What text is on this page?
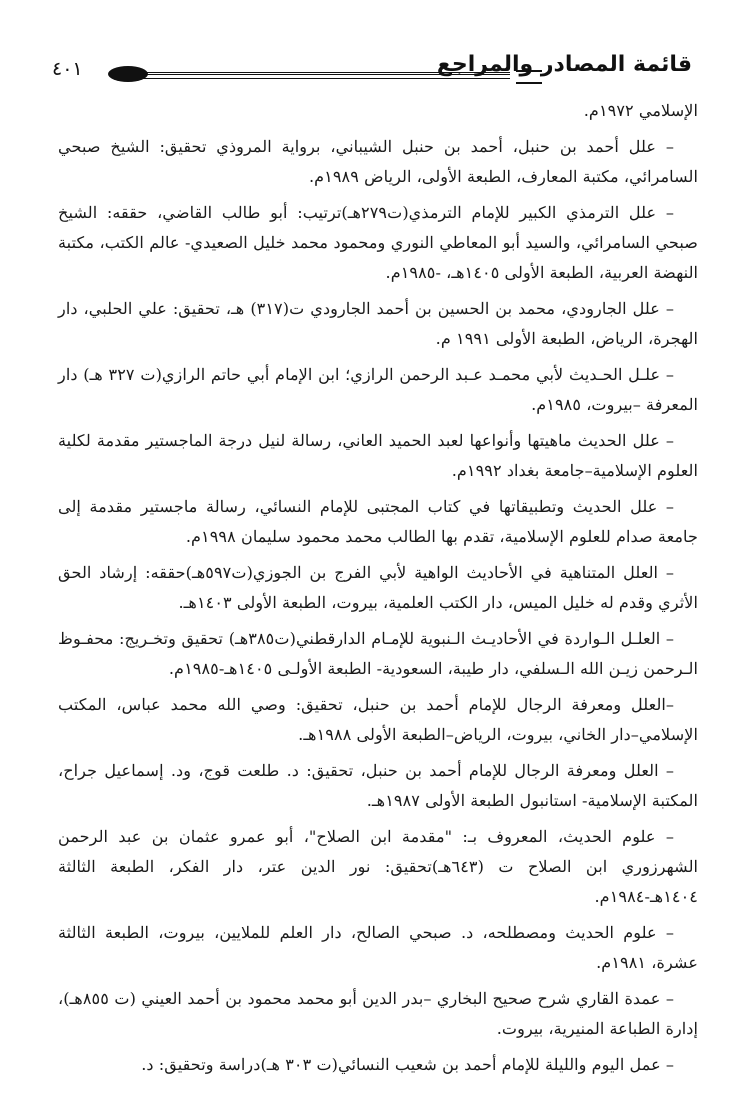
قائمة المصادر والمراجع
٤٠١

الإسلامي ١٩٧٢م.

– علل أحمد بن حنبل، أحمد بن حنبل الشيباني، برواية المروذي تحقيق: الشيخ صبحي السامرائي، مكتبة المعارف، الطبعة الأولى، الرياض ١٩٨٩م.

– علل الترمذي الكبير للإمام الترمذي(ت٢٧٩هـ)ترتيب: أبو طالب القاضي، حققه: الشيخ صبحي السامرائي، والسيد أبو المعاطي النوري ومحمود محمد خليل الصعيدي- عالم الكتب، مكتبة النهضة العربية، الطبعة الأولى ١٤٠٥هـ، -١٩٨٥م.

– علل الجارودي، محمد بن الحسين بن أحمد الجارودي ت(٣١٧) هـ، تحقيق: علي الحلبي، دار الهجرة، الرياض، الطبعة الأولى ١٩٩١ م.

– علـل الحـديث لأبي محمـد عـبد الرحمن الرازي؛ ابن الإمام أبي حاتم الرازي(ت ٣٢٧ هـ) دار المعرفة –بيروت، ١٩٨٥م.

– علل الحديث ماهيتها وأنواعها لعبد الحميد العاني، رسالة لنيل درجة الماجستير مقدمة لكلية العلوم الإسلامية–جامعة بغداد ١٩٩٢م.

– علل الحديث وتطبيقاتها في كتاب المجتبى للإمام النسائي، رسالة ماجستير مقدمة إلى جامعة صدام للعلوم الإسلامية، تقدم بها الطالب محمد محمود سليمان ١٩٩٨م.

– العلل المتناهية في الأحاديث الواهية لأبي الفرج بن الجوزي(ت٥٩٧هـ)حققه: إرشاد الحق الأثري وقدم له خليل الميس، دار الكتب العلمية، بيروت، الطبعة الأولى ١٤٠٣هـ.

– العلـل الـواردة في الأحاديـث الـنبوية للإمـام الدارقطني(ت٣٨٥هـ) تحقيق وتخـريج: محفـوظ الـرحمن زيـن الله الـسلفي، دار طيبة، السعودية- الطبعة الأولـى ١٤٠٥هـ-١٩٨٥م.

–العلل ومعرفة الرجال للإمام أحمد بن حنبل، تحقيق: وصي الله محمد عباس، المكتب الإسلامي–دار الخاني، بيروت، الرياض–الطبعة الأولى ١٩٨٨هـ.

– العلل ومعرفة الرجال للإمام أحمد بن حنبل، تحقيق: د. طلعت قوج، ود. إسماعيل جراح، المكتبة الإسلامية- استانبول الطبعة الأولى ١٩٨٧هـ.

– علوم الحديث، المعروف بـ: "مقدمة ابن الصلاح"، أبو عمرو عثمان بن عبد الرحمن الشهرزوري ابن الصلاح ت (٦٤٣هـ)تحقيق: نور الدين عتر، دار الفكر، الطبعة الثالثة ١٤٠٤هـ-١٩٨٤م.

– علوم الحديث ومصطلحه، د. صبحي الصالح، دار العلم للملايين، بيروت، الطبعة الثالثة عشرة، ١٩٨١م.

– عمدة القاري شرح صحيح البخاري –بدر الدين أبو محمد محمود بن أحمد العيني (ت ٨٥٥هـ)، إدارة الطباعة المنيرية، بيروت.

– عمل اليوم والليلة للإمام أحمد بن شعيب النسائي(ت ٣٠٣ هـ)دراسة وتحقيق: د.
